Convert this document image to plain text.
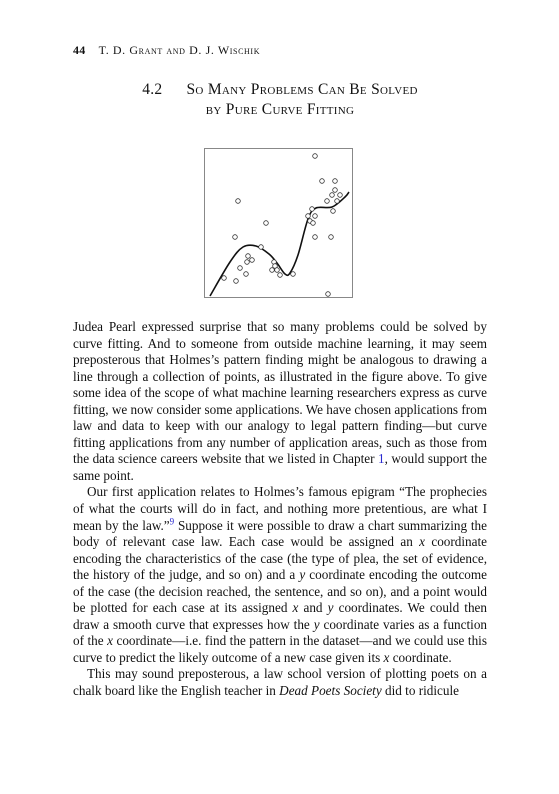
44 T. D. Grant and D. J. Wischik
4.2 So Many Problems Can Be Solved
by Pure Curve Fitting

Judea Pearl expressed surprise that so many problems could be solved by curve fitting. And to someone from outside machine learning, it may seem preposterous that Holmes’s pattern finding might be analogous to drawing a line through a collection of points, as illustrated in the figure above. To give some idea of the scope of what machine learning researchers express as curve fitting, we now consider some applications. We have chosen applications from law and data to keep with our analogy to legal pattern finding—but curve fitting applications from any number of application areas, such as those from the data science careers website that we listed in Chapter 1, would support the same point.

Our first application relates to Holmes’s famous epigram “The prophecies of what the courts will do in fact, and nothing more pretentious, are what I mean by the law.”$^9$ Suppose it were possible to draw a chart summarizing the body of relevant case law. Each case would be assigned an x coordinate encoding the characteristics of the case (the type of plea, the set of evidence, the history of the judge, and so on) and a y coordinate encoding the outcome of the case (the decision reached, the sentence, and so on), and a point would be plotted for each case at its assigned x and y coordinates. We could then draw a smooth curve that expresses how the y coordinate varies as a function of the x coordinate—i.e. find the pattern in the dataset—and we could use this curve to predict the likely outcome of a new case given its x coordinate.

This may sound preposterous, a law school version of plotting poets on a chalk board like the English teacher in Dead Poets Society did to ridicule
